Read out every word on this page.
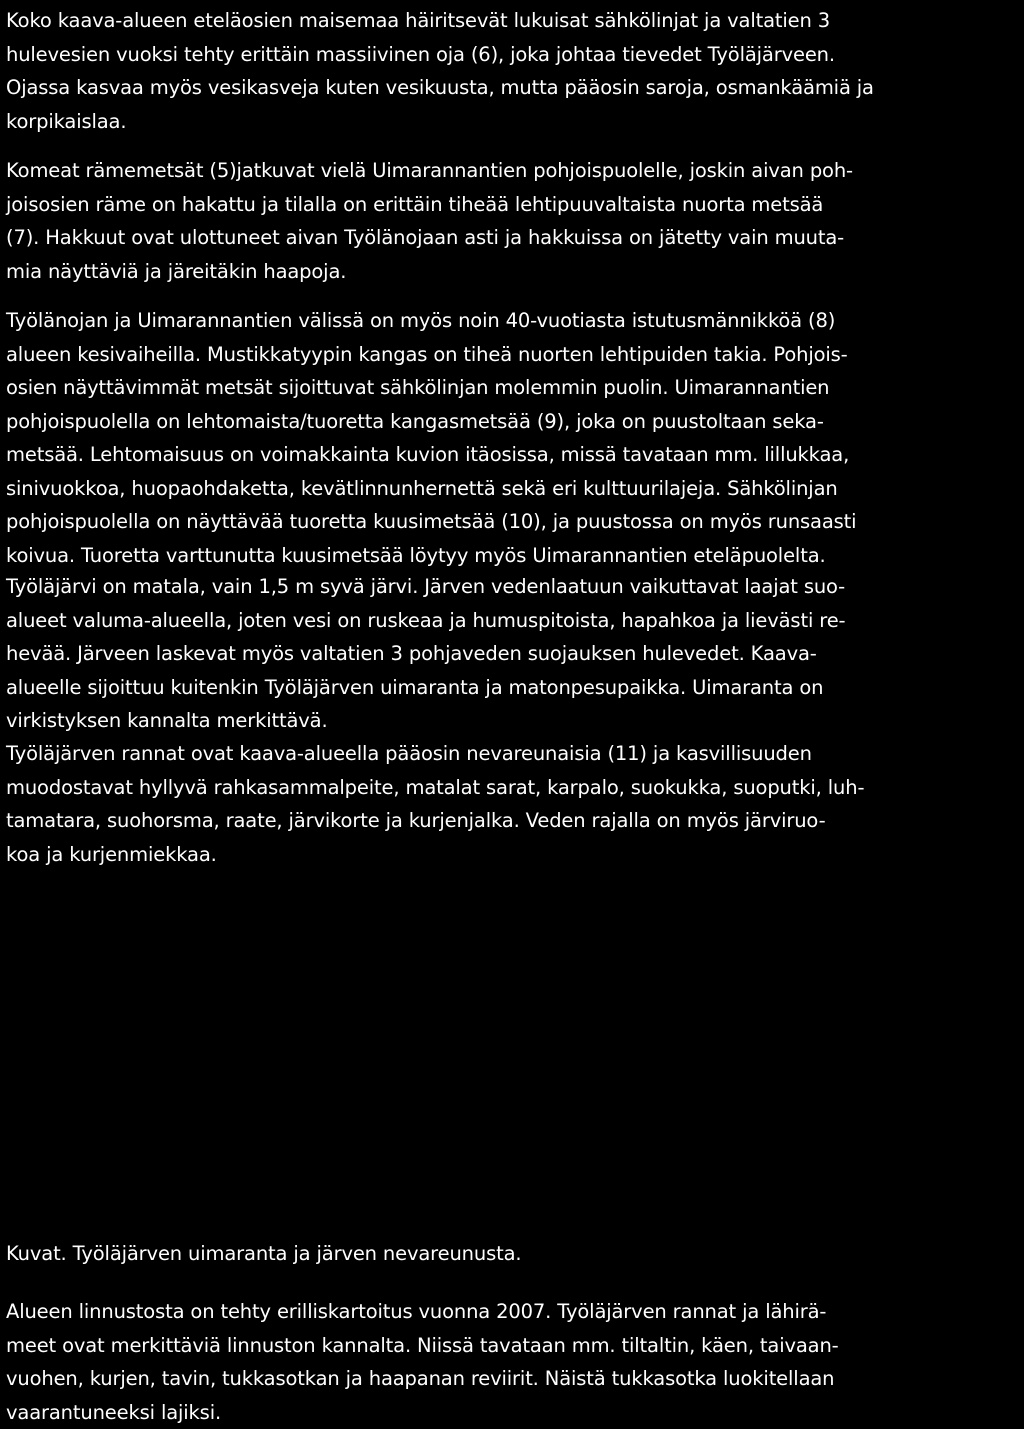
Koko kaava-alueen eteläosien maisemaa häiritsevät lukuisat sähkölinjat ja valtatien 3
hulevesien vuoksi tehty erittäin massiivinen oja (6), joka johtaa tievedet Työläjärveen.
Ojassa kasvaa myös vesikasveja kuten vesikuusta, mutta pääosin saroja, osmankäämiä ja
korpikaislaa.

Komeat rämemetsät (5)jatkuvat vielä Uimarannantien pohjoispuolelle, joskin aivan poh-
joisosien räme on hakattu ja tilalla on erittäin tiheää lehtipuuvaltaista nuorta metsää
(7). Hakkuut ovat ulottuneet aivan Työlänojaan asti ja hakkuissa on jätetty vain muuta-
mia näyttäviä ja järeitäkin haapoja.

Työlänojan ja Uimarannantien välissä on myös noin 40-vuotiasta istutusmännikköä (8)
alueen kesivaiheilla. Mustikkatyypin kangas on tiheä nuorten lehtipuiden takia. Pohjois-
osien näyttävimmät metsät sijoittuvat sähkölinjan molemmin puolin. Uimarannantien
pohjoispuolella on lehtomaista/tuoretta kangasmetsää (9), joka on puustoltaan seka-
metsää. Lehtomaisuus on voimakkainta kuvion itäosissa, missä tavataan mm. lillukkaa,
sinivuokkoa, huopaohdaketta, kevätlinnunhernettä sekä eri kulttuurilajeja. Sähkölinjan
pohjoispuolella on näyttävää tuoretta kuusimetsää (10), ja puustossa on myös runsaasti
koivua. Tuoretta varttunutta kuusimetsää löytyy myös Uimarannantien eteläpuolelta.

Työläjärvi on matala, vain 1,5 m syvä järvi. Järven vedenlaatuun vaikuttavat laajat suo-
alueet valuma-alueella, joten vesi on ruskeaa ja humuspitoista, hapahkoa ja lievästi re-
hevää. Järveen laskevat myös valtatien 3 pohjaveden suojauksen hulevedet. Kaava-
alueelle sijoittuu kuitenkin Työläjärven uimaranta ja matonpesupaikka. Uimaranta on
virkistyksen kannalta merkittävä.

Työläjärven rannat ovat kaava-alueella pääosin nevareunaisia (11) ja kasvillisuuden
muodostavat hyllyvä rahkasammalpeite, matalat sarat, karpalo, suokukka, suoputki, luh-
tamatara, suohorsma, raate, järvikorte ja kurjenjalka. Veden rajalla on myös järviruo-
koa ja kurjenmiekkaa.

Kuvat. Työläjärven uimaranta ja järven nevareunusta.

Alueen linnustosta on tehty erilliskartoitus vuonna 2007. Työläjärven rannat ja lähirä-
meet ovat merkittäviä linnuston kannalta. Niissä tavataan mm. tiltaltin, käen, taivaan-
vuohen, kurjen, tavin, tukkasotkan ja haapanan reviirit. Näistä tukkasotka luokitellaan
vaarantuneeksi lajiksi.
